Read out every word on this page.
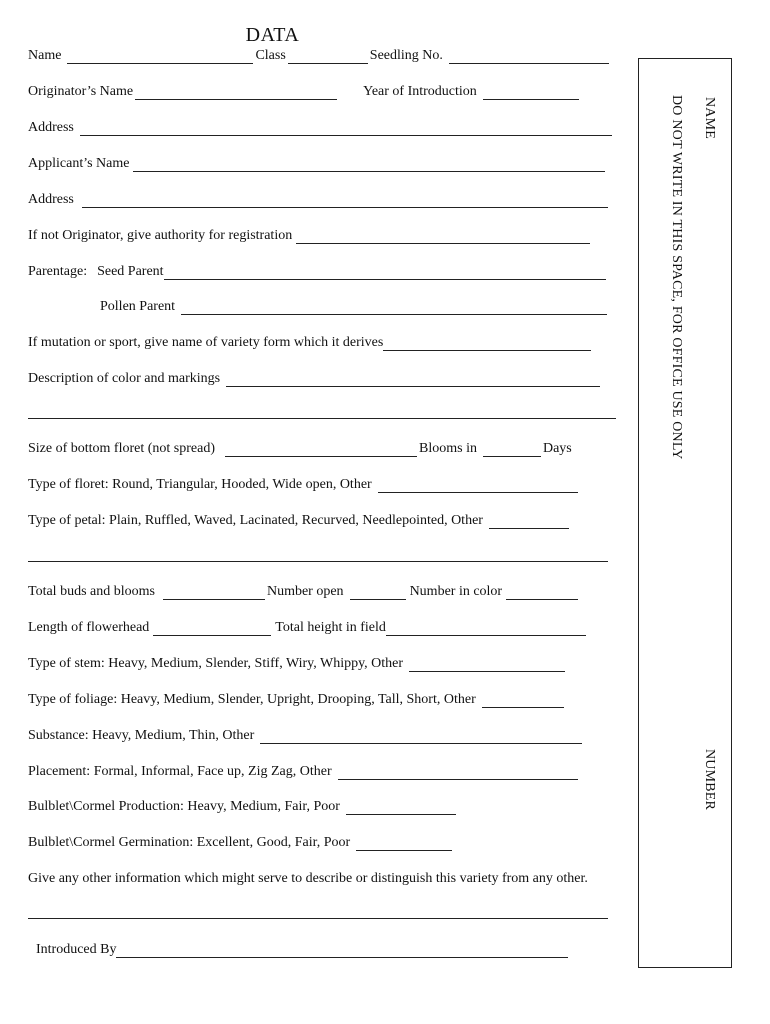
DATA
Name	Class	Seedling No.
Originator’s Name	Year of Introduction
Address
Applicant’s Name
Address
If not Originator, give authority for registration
Parentage: Seed Parent
Pollen Parent
If mutation or sport, give name of variety form which it derives
Description of color and markings
Size of bottom floret (not spread)	Blooms in	Days
Type of floret: Round, Triangular, Hooded, Wide open, Other
Type of petal: Plain, Ruffled, Waved, Lacinated, Recurved, Needlepointed, Other
Total buds and blooms	Number open	Number in color
Length of flowerhead	Total height in field
Type of stem: Heavy, Medium, Slender, Stiff, Wiry, Whippy, Other
Type of foliage: Heavy, Medium, Slender, Upright, Drooping, Tall, Short, Other
Substance: Heavy, Medium, Thin, Other
Placement: Formal, Informal, Face up, Zig Zag, Other
Bulblet\Cormel Production: Heavy, Medium, Fair, Poor
Bulblet\Cormel Germination: Excellent, Good, Fair, Poor
Give any other information which might serve to describe or distinguish this variety from any other.
Introduced By
NAME
DO NOT WRITE IN THIS SPACE, FOR OFFICE USE ONLY
NUMBER
